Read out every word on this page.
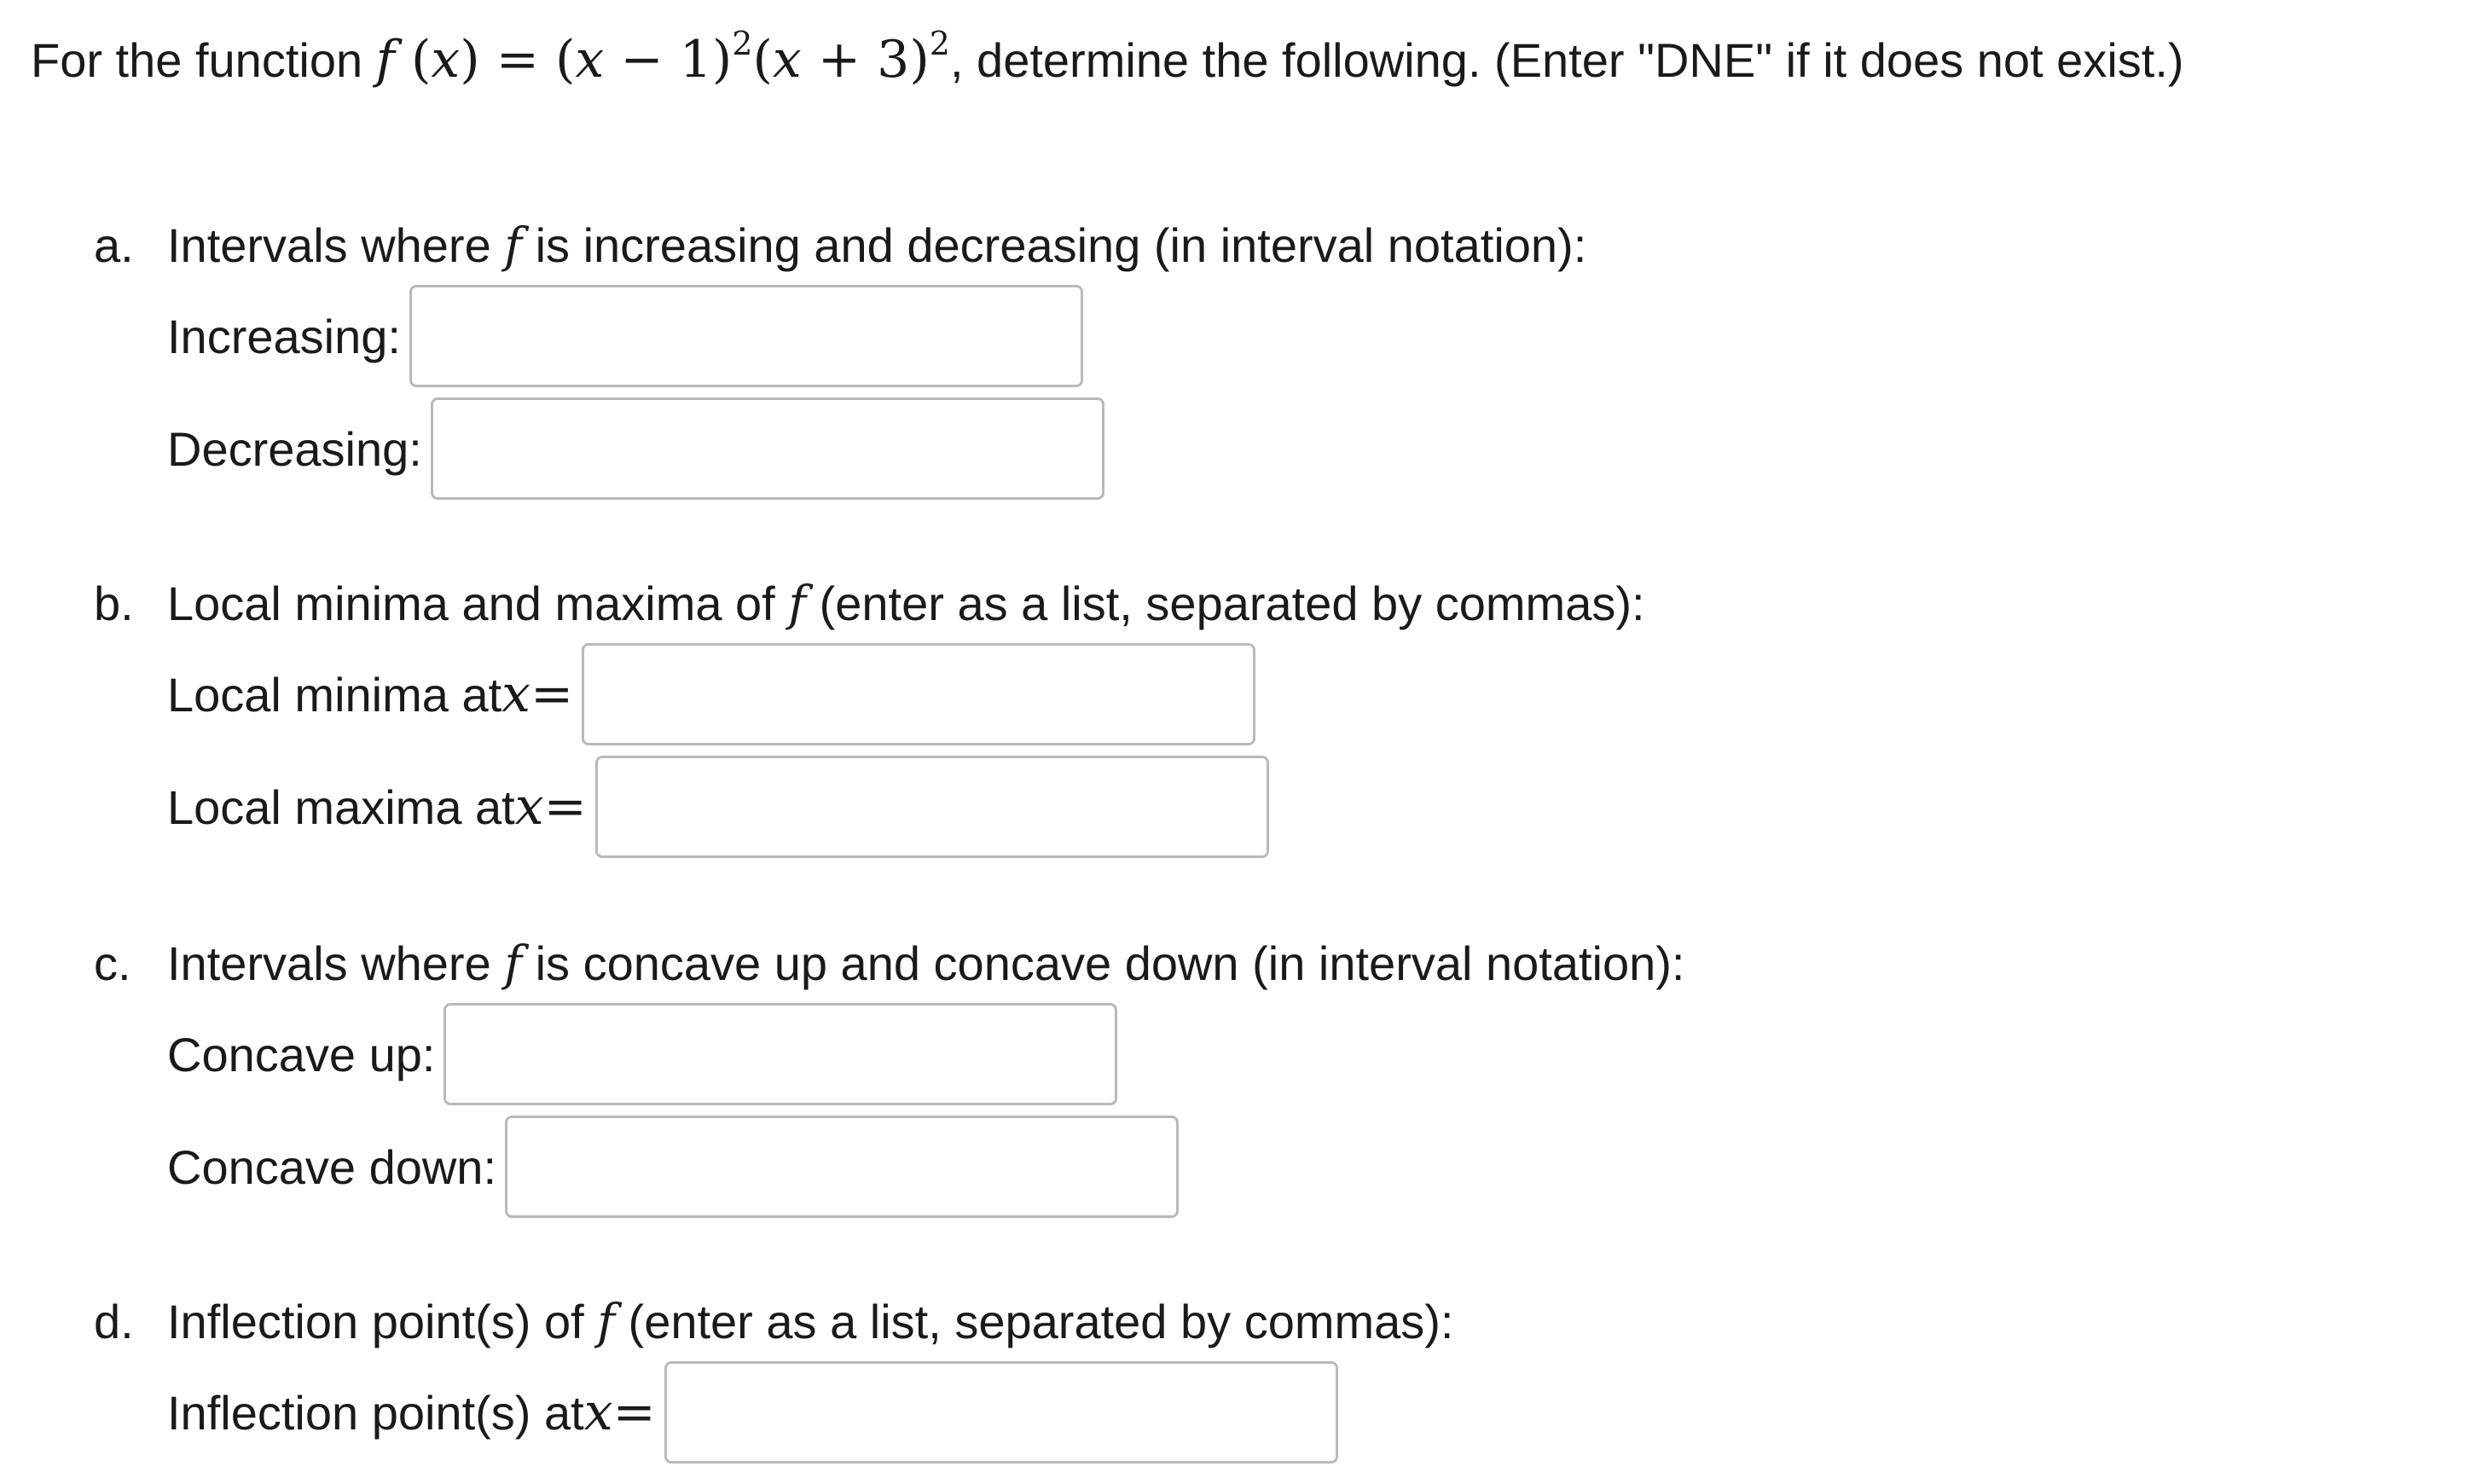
For the function f $(x) = (x - 1)^2(x + 3)^2$, determine the following. (Enter "DNE" if it does not exist.)
a. Intervals where f is increasing and decreasing (in interval notation):
Increasing:
Decreasing:
b. Local minima and maxima of f (enter as a list, separated by commas):
Local minima at x =
Local maxima at x =
c. Intervals where f is concave up and concave down (in interval notation):
Concave up:
Concave down:
d. Inflection point(s) of f (enter as a list, separated by commas):
Inflection point(s) at x =
